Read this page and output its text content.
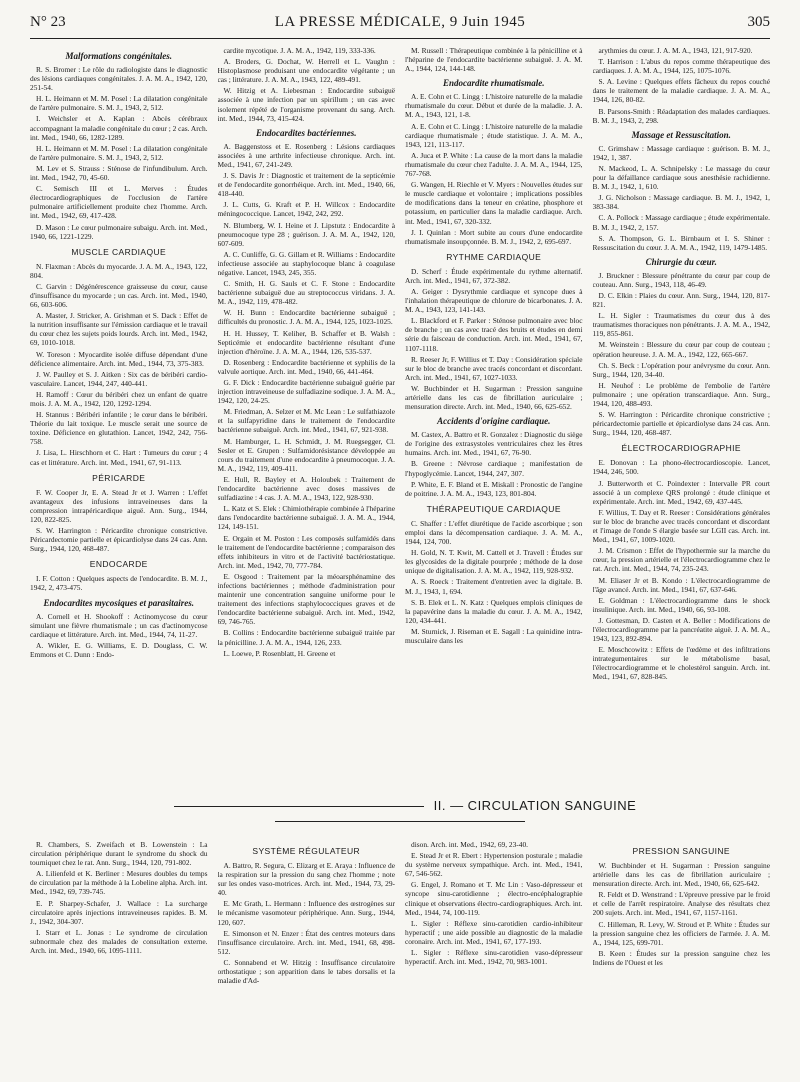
N° 23	LA PRESSE MÉDICALE, 9 Juin 1945	305
Malformations congénitales.
R. S. Bromer : Le rôle du radiologiste dans le diagnostic des lésions cardiaques congénitales. J. A. M. A., 1942, 120, 251-54.
H. L. Heimann et M. M. Posel : La dilatation congénitale de l'artère pulmonaire. S. M. J., 1943, 2, 512.
I. Weichsler et A. Kaplan : Abcès cérébraux accompagnant la maladie congénitale du cœur ; 2 cas. Arch. int. Med., 1940, 66, 1282-1289.
H. L. Heimann et M. M. Posel : La dilatation congénitale de l'artère pulmonaire. S. M. J., 1943, 2, 512.
M. Lev et S. Strauss : Sténose de l'infundibulum. Arch. int. Med., 1942, 70, 45-60.
C. Semisch III et L. Merves : Études électrocardiographiques de l'occlusion de l'artère pulmonaire artificiellement produite chez l'homme. Arch. int. Med., 1942, 69, 417-428.
D. Mason : Le cœur pulmonaire subaigu. Arch. int. Med., 1940, 66, 1221-1229.
MUSCLE CARDIAQUE
N. Flaxman : Abcès du myocarde. J. A. M. A., 1943, 122, 804.
C. Garvin : Dégénérescence graisseuse du cœur, cause d'insuffisance du myocarde ; un cas. Arch. int. Med., 1940, 66, 603-606.
A. Master, J. Stricker, A. Grishman et S. Dack : Effet de la nutrition insuffisante sur l'émission cardiaque et le travail du cœur chez les sujets poids lourds. Arch. int. Med., 1942, 69, 1010-1018.
W. Toreson : Myocardite isolée diffuse dépendant d'une déficience alimentaire. Arch. int. Med., 1944, 73, 375-383.
J. W. Paulley et S. J. Aitken : Six cas de béribéri cardio-vasculaire. Lancet, 1944, 247, 440-441.
H. Ramoff : Cœur du béribéri chez un enfant de quatre mois. J. A. M. A., 1942, 120, 1292-1294.
H. Stannus : Béribéri infantile ; le cœur dans le béribéri. Théorie du lait toxique. Le muscle serait une source de toxine. Déficience en glutathion. Lancet, 1942, 242, 756-758.
J. Lisa, L. Hirschhorn et C. Hart : Tumeurs du cœur ; 4 cas et littérature. Arch. int. Med., 1941, 67, 91-113.
PÉRICARDE
F. W. Cooper Jr, E. A. Stead Jr et J. Warren : L'effet avantageux des infusions intraveineuses dans la compression intrapéricardique aiguë. Ann. Surg., 1944, 120, 822-825.
S. W. Harrington : Péricardite chronique constrictive. Péricardectomie partielle et épicardiolyse dans 24 cas. Ann. Surg., 1944, 120, 468-487.
ENDOCARDE
I. F. Cotton : Quelques aspects de l'endocardite. B. M. J., 1942, 2, 473-475.
Endocardites mycosiques et parasitaires.
A. Cornell et H. Shookoff : Actinomycose du cœur simulant une fièvre rhumatismale ; un cas d'actinomycose cardiaque et littérature. Arch. int. Med., 1944, 74, 11-27.
A. Wikler, E. G. Williams, E. D. Douglass, C. W. Emmons et C. Dunn : Endo-
cardite mycotique. J. A. M. A., 1942, 119, 333-336.
A. Broders, G. Dochat, W. Herrell et L. Vaughn : Histoplasmose produisant une endocardite végétante ; un cas ; littérature. J. A. M. A., 1943, 122, 489-491.
W. Hitzig et A. Liebesman : Endocardite subaiguë associée à une infection par un spirillum ; un cas avec isolement répété de l'organisme provenant du sang. Arch. int. Med., 1944, 73, 415-424.
Endocardites bactériennes.
A. Baggenstoss et E. Rosenberg : Lésions cardiaques associées à une arthrite infectieuse chronique. Arch. int. Med., 1941, 67, 241-249.
J. S. Davis Jr : Diagnostic et traitement de la septicémie et de l'endocardite gonorrhéique. Arch. int. Med., 1940, 66, 418-440.
J. L. Cutts, G. Kraft et P. H. Willcox : Endocardite méningococcique. Lancet, 1942, 242, 292.
N. Blumberg, W. I. Heine et J. Lipstutz : Endocardite à pneumocoque type 28 ; guérison. J. A. M. A., 1942, 120, 607-609.
A. C. Cunliffe, G. G. Gillam et R. Williams : Endocardite infectieuse associée au staphylocoque blanc à coagulase négative. Lancet, 1943, 245, 355.
C. Smith, H. G. Sauls et C. F. Stone : Endocardite bactérienne subaiguë due au streptococcus viridans. J. A. M. A., 1942, 119, 478-482.
W. H. Bunn : Endocardite bactérienne subaiguë ; difficultés du pronostic. J. A. M. A., 1944, 125, 1023-1025.
H. H. Hussey, T. Keliher, B. Schaffer et B. Walsh : Septicémie et endocardite bactérienne résultant d'une injection d'héroïne. J. A. M. A., 1944, 126, 535-537.
D. Rosenberg : Endocardite bactérienne et syphilis de la valvule aortique. Arch. int. Med., 1940, 66, 441-464.
G. F. Dick : Endocardite bactérienne subaiguë guérie par injection intraveineuse de sulfadiazine sodique. J. A. M. A., 1942, 120, 24-25.
M. Friedman, A. Selzer et M. Mc Lean : Le sulfathiazole et la sulfapyridine dans le traitement de l'endocardite bactérienne subaiguë. Arch. int. Med., 1941, 67, 921-938.
M. Hamburger, L. H. Schmidt, J. M. Ruegsegger, Cl. Sesler et E. Grupen : Sulfamidorésistance développée au cours du traitement d'une endocardite à pneumocoque. J. A. M. A., 1942, 119, 409-411.
E. Hull, R. Bayley et A. Holoubek : Traitement de l'endocardite bactérienne avec doses massives de sulfadiazine : 4 cas. J. A. M. A., 1943, 122, 928-930.
L. Katz et S. Elek : Chimiothérapie combinée à l'héparine dans l'endocardite bactérienne subaiguë. J. A. M. A., 1944, 124, 149-151.
E. Orgain et M. Poston : Les composés sulfamidés dans le traitement de l'endocardite bactérienne ; comparaison des effets inhibiteurs in vitro et de l'activité bactériostatique. Arch. int. Med., 1942, 70, 777-784.
E. Osgood : Traitement par la méoarsphénamine des infections bactériennes ; méthode d'administration pour maintenir une concentration sanguine uniforme pour le traitement des infections staphylococciques graves et de l'endocardite bactérienne subaiguë. Arch. int. Med., 1942, 69, 746-765.
B. Collins : Endocardite bactérienne subaiguë traitée par la pénicilline. J. A. M. A., 1944, 126, 233.
L. Loewe, P. Rosenblatt, H. Greene et
M. Russell : Thérapeutique combinée à la pénicilline et à l'héparine de l'endocardite bactérienne subaiguë. J. A. M. A., 1944, 124, 144-148.
Endocardite rhumatismale.
A. E. Cohn et C. Lingg : L'histoire naturelle de la maladie rhumatismale du cœur. Début et durée de la maladie. J. A. M. A., 1943, 121, 1-8.
A. E. Cohn et C. Lingg : L'histoire naturelle de la maladie cardiaque rhumatismale ; étude statistique. J. A. M. A., 1943, 121, 113-117.
A. Juca et P. White : La cause de la mort dans la maladie rhumatismale du cœur chez l'adulte. J. A. M. A., 1944, 125, 767-768.
G. Wangen, H. Riechle et V. Myers : Nouvelles études sur le muscle cardiaque et volontaire ; implications possibles de modifications dans la teneur en créatine, phosphore et potassium, en particulier dans la maladie cardiaque. Arch. int. Med., 1941, 67, 320-332.
J. I. Quinlan : Mort subite au cours d'une endocardite rhumatismale insoupçonnée. B. M. J., 1942, 2, 695-697.
RYTHME CARDIAQUE
D. Scherf : Étude expérimentale du rythme alternatif. Arch. int. Med., 1941, 67, 372-382.
A. Geiger : Dysrythmie cardiaque et syncope dues à l'inhalation thérapeutique de chlorure de bicarbonates. J. A. M. A., 1943, 123, 141-143.
L. Blackford et F. Parker : Sténose pulmonaire avec bloc de branche ; un cas avec tracé des bruits et études en demi série du faisceau de conduction. Arch. int. Med., 1941, 67, 1107-1118.
R. Reeser Jr, F. Willius et T. Day : Considération spéciale sur le bloc de branche avec tracés concordant et discordant. Arch. int. Med., 1941, 67, 1027-1033.
W. Buchbinder et H. Sugarman : Pression sanguine artérielle dans les cas de fibrillation auriculaire ; mensuration directe. Arch. int. Med., 1940, 66, 625-652.
Accidents d'origine cardiaque.
M. Castex, A. Battro et R. Gonzalez : Diagnostic du siège de l'origine des extrasystoles ventriculaires chez les êtres humains. Arch. int. Med., 1941, 67, 76-90.
B. Greene : Névrose cardiaque ; manifestation de l'hypoglycémie. Lancet, 1944, 247, 307.
P. White, E. F. Bland et E. Miskall : Pronostic de l'angine de poitrine. J. A. M. A., 1943, 123, 801-804.
THÉRAPEUTIQUE CARDIAQUE
C. Shaffer : L'effet diurétique de l'acide ascorbique ; son emploi dans la décompensation cardiaque. J. A. M. A., 1944, 124, 700.
H. Gold, N. T. Kwit, M. Cattell et J. Travell : Études sur les glycosides de la digitale pourprée ; méthode de la dose unique de digitalisation. J. A. M. A., 1942, 119, 928-932.
A. S. Roeck : Traitement d'entretien avec la digitale. B. M. J., 1943, 1, 694.
S. B. Elek et L. N. Katz : Quelques emplois cliniques de la papavérine dans la maladie du cœur. J. A. M. A., 1942, 120, 434-441.
M. Sturnick, J. Riseman et E. Sagall : La quinidine intra-musculaire dans les
arythmies du cœur. J. A. M. A., 1943, 121, 917-920.
T. Harrison : L'abus du repos comme thérapeutique des cardiaques. J. A. M. A., 1944, 125, 1075-1076.
S. A. Levine : Quelques effets fâcheux du repos couché dans le traitement de la maladie cardiaque. J. A. M. A., 1944, 126, 80-82.
B. Parsons-Smith : Réadaptation des malades cardiaques. B. M. J., 1943, 2, 298.
Massage et Ressuscitation.
C. Grimshaw : Massage cardiaque : guérison. B. M. J., 1942, 1, 387.
N. Mackeod, L. A. Schnipelsky : Le massage du cœur pour la défaillance cardiaque sous anesthésie rachidienne. B. M. J., 1942, 1, 610.
J. G. Nicholson : Massage cardiaque. B. M. J., 1942, 1, 383-384.
C. A. Pollock : Massage cardiaque ; étude expérimentale. B. M. J., 1942, 2, 157.
S. A. Thompson, G. L. Birnbaum et I. S. Shiner : Ressuscitation du cœur. J. A. M. A., 1942, 119, 1479-1485.
Chirurgie du cœur.
J. Bruckner : Blessure pénétrante du cœur par coup de couteau. Ann. Surg., 1943, 118, 46-49.
D. C. Elkin : Plaies du cœur. Ann. Surg., 1944, 120, 817-821.
L. H. Sigler : Traumatismes du cœur dus à des traumatismes thoraciques non pénétrants. J. A. M. A., 1942, 119, 855-861.
M. Weinstein : Blessure du cœur par coup de couteau ; opération heureuse. J. A. M. A., 1942, 122, 665-667.
Ch. S. Beck : L'opération pour anévrysme du cœur. Ann. Surg., 1944, 120, 34-40.
H. Neuhof : Le problème de l'embolie de l'artère pulmonaire ; une opération transcardiaque. Ann. Surg., 1944, 120, 488-493.
S. W. Harrington : Péricardite chronique constrictive ; péricardectomie partielle et épicardiolyse dans 24 cas. Ann. Surg., 1944, 120, 468-487.
ÉLECTROCARDIOGRAPHIE
E. Donovan : La phono-électrocardioscopie. Lancet, 1944, 246, 500.
J. Butterworth et C. Poindexter : Intervalle PR court associé à un complexe QRS prolongé : étude clinique et expérimentale. Arch. int. Med., 1942, 69, 437-445.
F. Willius, T. Day et R. Reeser : Considérations générales sur le bloc de branche avec tracés concordant et discordant et l'image de l'onde S élargie basée sur LGII cas. Arch. int. Med., 1941, 67, 1009-1020.
J. M. Crismon : Effet de l'hypothermie sur la marche du cœur, la pression artérielle et l'électrocardiogramme chez le rat. Arch. int. Med., 1944, 74, 235-243.
M. Eliaser Jr et B. Kondo : L'électrocardiogramme de l'âge avancé. Arch. int. Med., 1941, 67, 637-646.
E. Goldman : L'électrocardiogramme dans le shock insulinique. Arch. int. Med., 1940, 66, 93-108.
J. Gottesman, D. Casten et A. Beller : Modifications de l'électrocardiogramme par la pancréatite aiguë. J. A. M. A., 1943, 123, 892-894.
E. Moschcowitz : Effets de l'œdème et des infiltrations intrategumentaires sur le métabolisme basal, l'électrocardiogramme et le cholestérol sanguin. Arch. int. Med., 1941, 67, 828-845.
II. — CIRCULATION SANGUINE
R. Chambers, S. Zweifach et B. Lowenstein : La circulation périphérique durant le syndrome du shock du tourniquet chez le rat. Ann. Surg., 1944, 120, 791-802.
A. Lilienfeld et K. Berliner : Mesures doubles du temps de circulation par la méthode à la Lobeline alpha. Arch. int. Med., 1942, 69, 739-745.
E. P. Sharpey-Schafer, J. Wallace : La surcharge circulatoire après injections intraveineuses rapides. B. M. J., 1942, 304-307.
I. Starr et L. Jonas : Le syndrome de circulation subnormale chez des malades de consultation externe. Arch. int. Med., 1940, 66, 1095-1111.
SYSTÈME RÉGULATEUR
A. Battro, R. Segura, C. Elizarg et E. Araya : Influence de la respiration sur la pression du sang chez l'homme ; note sur les ondes vaso-motrices. Arch. int. Med., 1944, 73, 29-40.
E. Mc Grath, L. Hermann : Influence des œstrogènes sur le mécanisme vasomoteur périphérique. Ann. Surg., 1944, 120, 607.
E. Simonson et N. Enzer : État des centres moteurs dans l'insuffisance circulatoire. Arch. int. Med., 1941, 68, 498-512.
C. Sonnabend et W. Hitzig : Insuffisance circulatoire orthostatique ; son apparition dans le tabes dorsalis et la maladie d'Ad-
dison. Arch. int. Med., 1942, 69, 23-40.
E. Stead Jr et R. Ebert : Hypertension posturale ; maladie du système nerveux sympathique. Arch. int. Med., 1941, 67, 546-562.
G. Engel, J. Romano et T. Mc Lin : Vaso-dépresseur et syncope sinu-carotidienne ; électro-encéphalographie clinique et observations électro-cardiographiques. Arch. int. Med., 1944, 74, 100-119.
L. Sigler : Réflexe sinu-carotidien cardio-inhibiteur hyperactif ; une aide possible au diagnostic de la maladie coronaire. Arch. int. Med., 1941, 67, 177-193.
L. Sigler : Réflexe sinu-carotidien vaso-dépresseur hyperactif. Arch. int. Med., 1942, 70, 983-1001.
PRESSION SANGUINE
W. Buchbinder et H. Sugarman : Pression sanguine artérielle dans les cas de fibrillation auriculaire ; mensuration directe. Arch. int. Med., 1940, 66, 625-642.
R. Feldt et D. Wenstrand : L'épreuve pressive par le froid et celle de l'arrêt respiratoire. Analyse des résultats chez 200 sujets. Arch. int. Med., 1941, 67, 1157-1161.
C. Hilleman, R. Levy, W. Stroud et P. White : Études sur la pression sanguine chez les officiers de l'armée. J. A. M. A., 1944, 125, 699-701.
B. Keen : Études sur la pression sanguine chez les Indiens de l'Ouest et les
